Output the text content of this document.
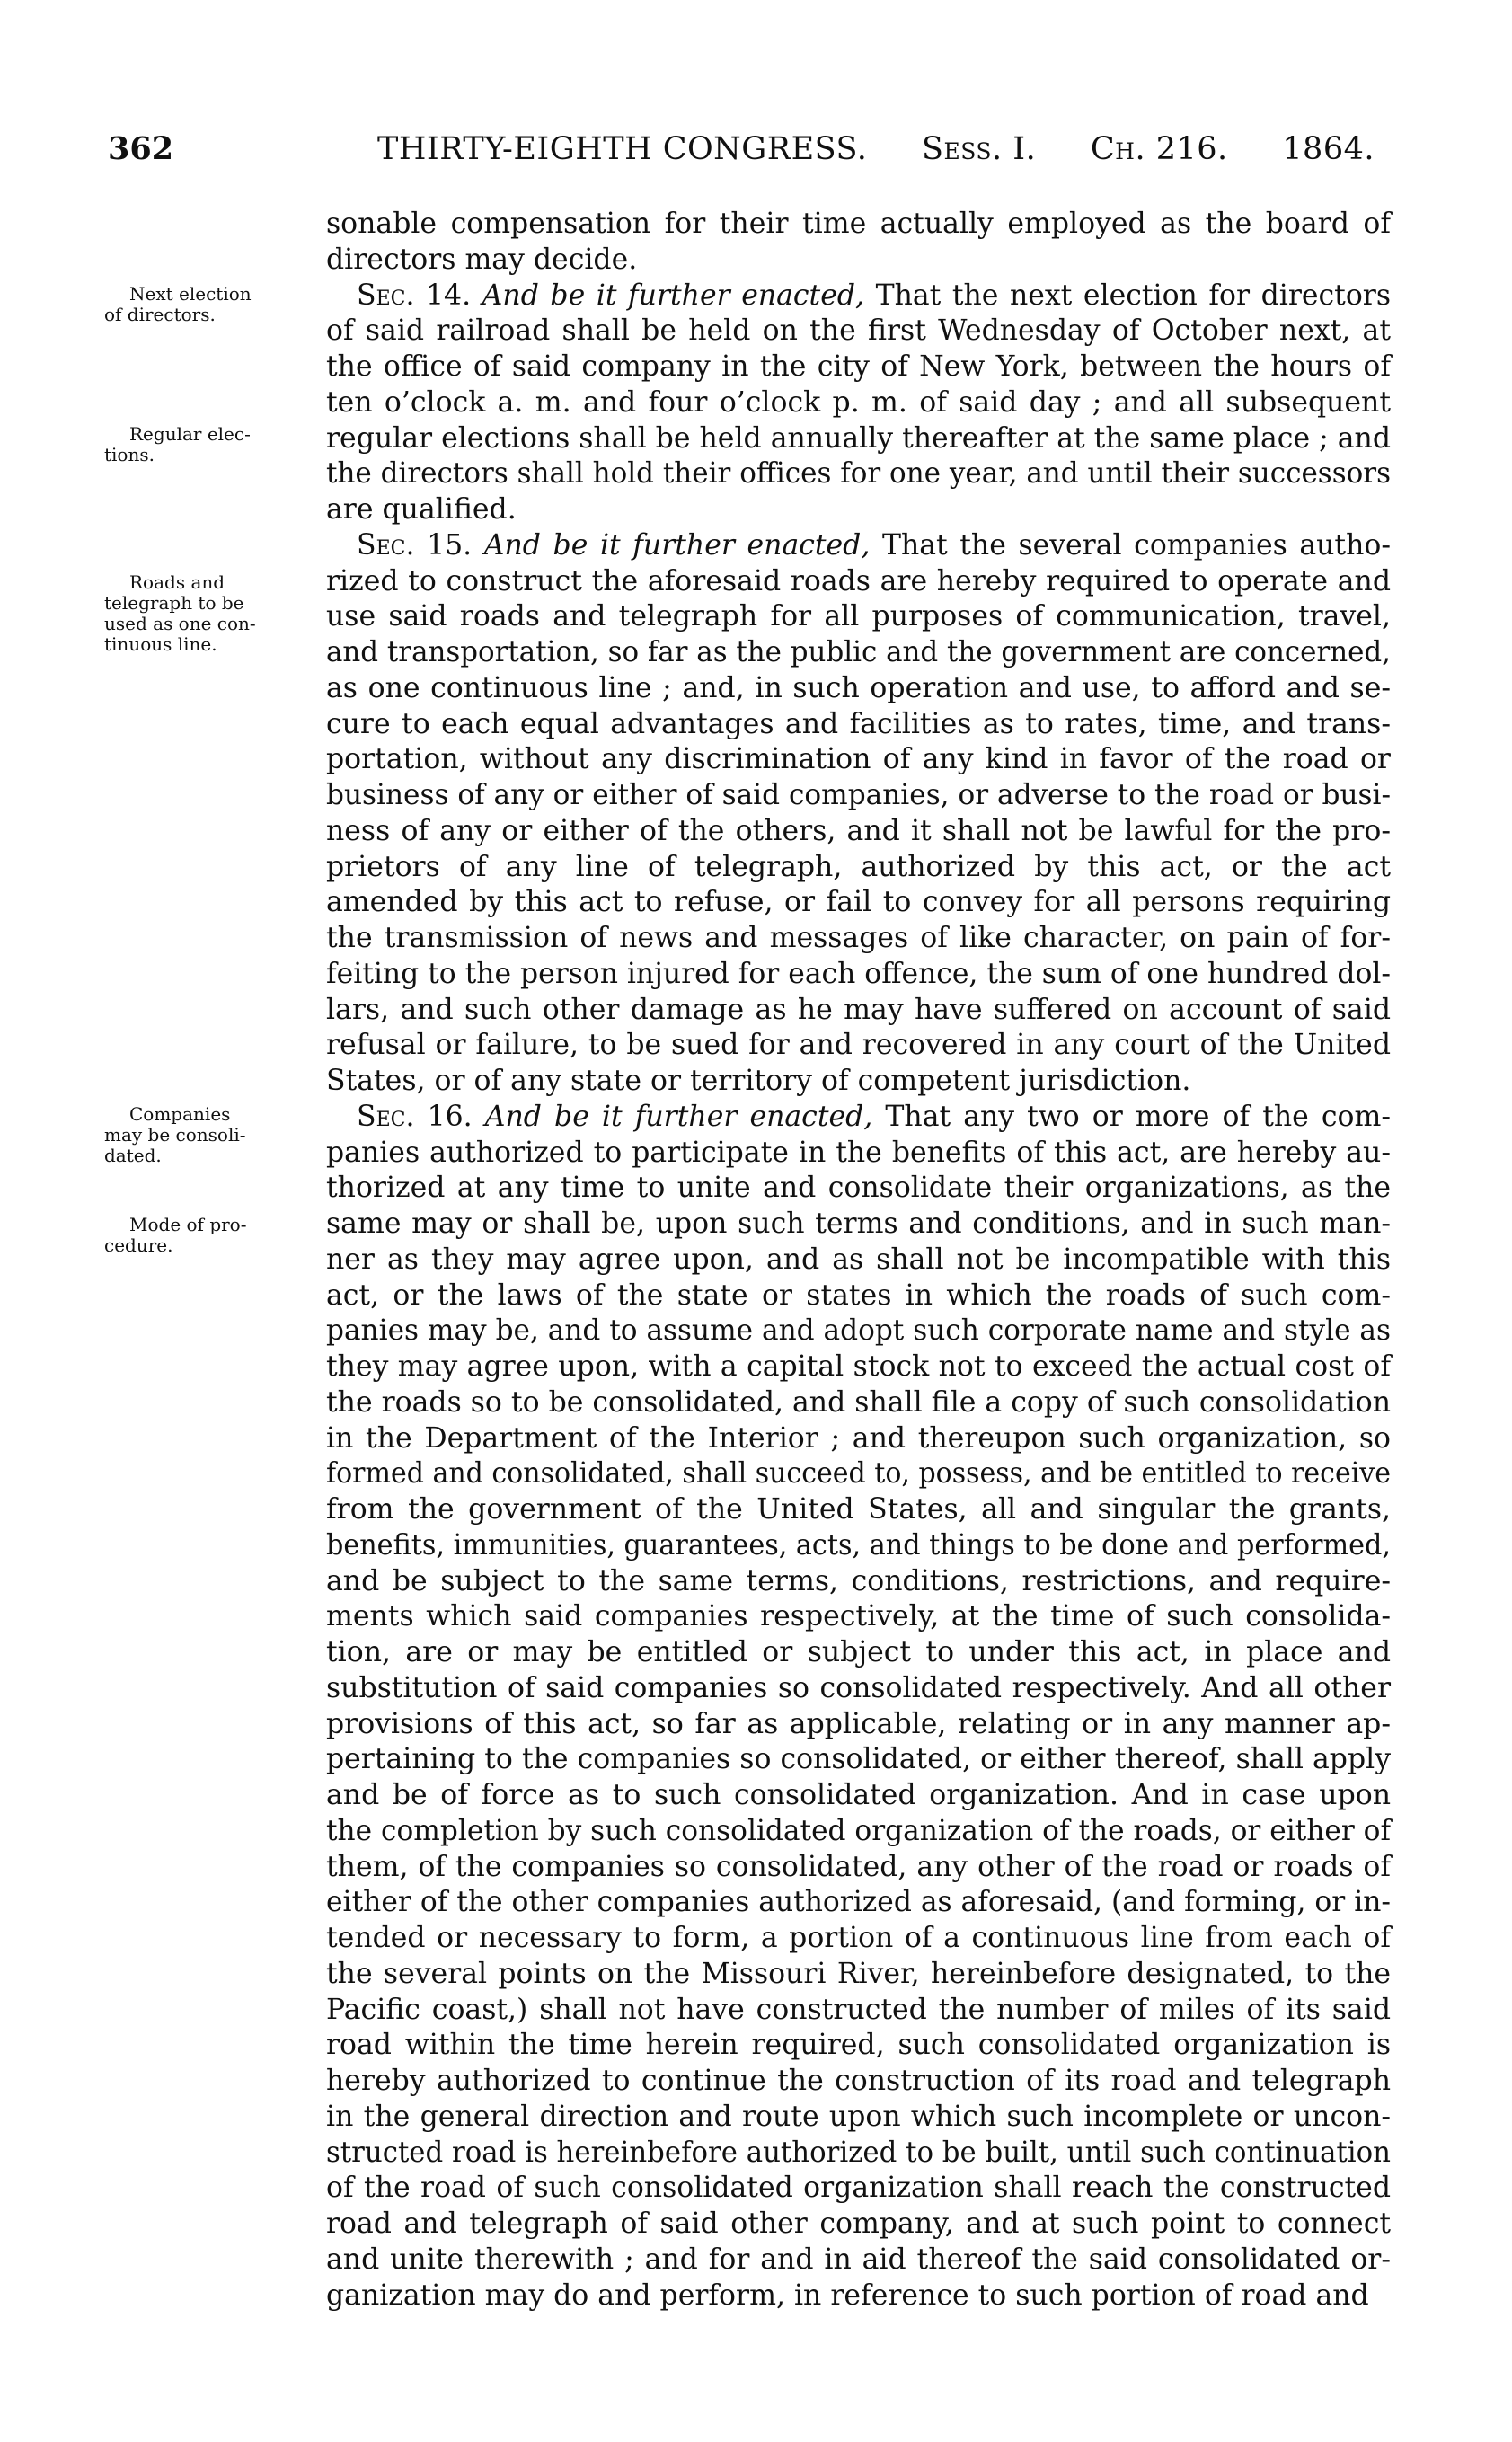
362	THIRTY-EIGHTH CONGRESS. Sess. I. Ch. 216. 1864.
Next election
of directors.
Regular elec-
tions.
Roads and
telegraph to be
used as one con-
tinuous line.
Companies
may be consoli-
dated.
Mode of pro-
cedure.
sonable compensation for their time actually employed as the board of
directors may decide.
Sec. 14. And be it further enacted, That the next election for directors
of said railroad shall be held on the first Wednesday of October next, at
the office of said company in the city of New York, between the hours of
ten o’clock a. m. and four o’clock p. m. of said day ; and all subsequent
regular elections shall be held annually thereafter at the same place ; and
the directors shall hold their offices for one year, and until their successors
are qualified.
Sec. 15. And be it further enacted, That the several companies autho-
rized to construct the aforesaid roads are hereby required to operate and
use said roads and telegraph for all purposes of communication, travel,
and transportation, so far as the public and the government are concerned,
as one continuous line ; and, in such operation and use, to afford and se-
cure to each equal advantages and facilities as to rates, time, and trans-
portation, without any discrimination of any kind in favor of the road or
business of any or either of said companies, or adverse to the road or busi-
ness of any or either of the others, and it shall not be lawful for the pro-
prietors of any line of telegraph, authorized by this act, or the act
amended by this act to refuse, or fail to convey for all persons requiring
the transmission of news and messages of like character, on pain of for-
feiting to the person injured for each offence, the sum of one hundred dol-
lars, and such other damage as he may have suffered on account of said
refusal or failure, to be sued for and recovered in any court of the United
States, or of any state or territory of competent jurisdiction.
Sec. 16. And be it further enacted, That any two or more of the com-
panies authorized to participate in the benefits of this act, are hereby au-
thorized at any time to unite and consolidate their organizations, as the
same may or shall be, upon such terms and conditions, and in such man-
ner as they may agree upon, and as shall not be incompatible with this
act, or the laws of the state or states in which the roads of such com-
panies may be, and to assume and adopt such corporate name and style as
they may agree upon, with a capital stock not to exceed the actual cost of
the roads so to be consolidated, and shall file a copy of such consolidation
in the Department of the Interior ; and thereupon such organization, so
formed and consolidated, shall succeed to, possess, and be entitled to receive
from the government of the United States, all and singular the grants,
benefits, immunities, guarantees, acts, and things to be done and performed,
and be subject to the same terms, conditions, restrictions, and require-
ments which said companies respectively, at the time of such consolida-
tion, are or may be entitled or subject to under this act, in place and
substitution of said companies so consolidated respectively. And all other
provisions of this act, so far as applicable, relating or in any manner ap-
pertaining to the companies so consolidated, or either thereof, shall apply
and be of force as to such consolidated organization. And in case upon
the completion by such consolidated organization of the roads, or either of
them, of the companies so consolidated, any other of the road or roads of
either of the other companies authorized as aforesaid, (and forming, or in-
tended or necessary to form, a portion of a continuous line from each of
the several points on the Missouri River, hereinbefore designated, to the
Pacific coast,) shall not have constructed the number of miles of its said
road within the time herein required, such consolidated organization is
hereby authorized to continue the construction of its road and telegraph
in the general direction and route upon which such incomplete or uncon-
structed road is hereinbefore authorized to be built, until such continuation
of the road of such consolidated organization shall reach the constructed
road and telegraph of said other company, and at such point to connect
and unite therewith ; and for and in aid thereof the said consolidated or-
ganization may do and perform, in reference to such portion of road and
